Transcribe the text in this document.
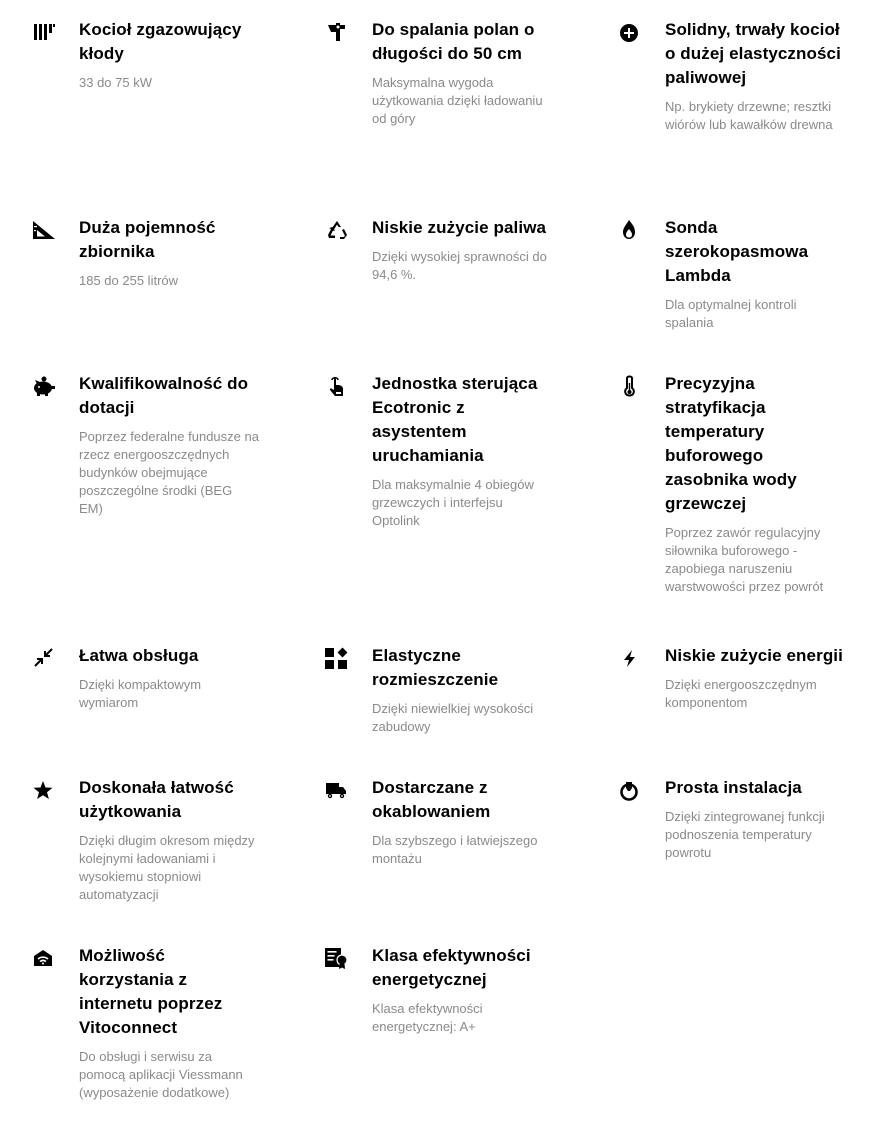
Kocioł zgazowujący kłody

33 do 75 kW

Do spalania polan o długości do 50 cm

Maksymalna wygoda użytkowania dzięki ładowaniu od góry

Solidny, trwały kocioł o dużej elastyczności paliwowej

Np. brykiety drzewne; resztki wiórów lub kawałków drewna

Duża pojemność zbiornika

185 do 255 litrów

Niskie zużycie paliwa

Dzięki wysokiej sprawności do 94,6 %.

Sonda szerokopasmowa Lambda

Dla optymalnej kontroli spalania

Kwalifikowalność do dotacji

Poprzez federalne fundusze na rzecz energooszczędnych budynków obejmujące poszczególne środki (BEG EM)

Jednostka sterująca Ecotronic z asystentem uruchamiania

Dla maksymalnie 4 obiegów grzewczych i interfejsu Optolink

Precyzyjna stratyfikacja temperatury buforowego zasobnika wody grzewczej

Poprzez zawór regulacyjny siłownika buforowego - zapobiega naruszeniu warstwowości przez powrót

Łatwa obsługa

Dzięki kompaktowym wymiarom

Elastyczne rozmieszczenie

Dzięki niewielkiej wysokości zabudowy

Niskie zużycie energii

Dzięki energooszczędnym komponentom

Doskonała łatwość użytkowania

Dzięki długim okresom między kolejnymi ładowaniami i wysokiemu stopniowi automatyzacji

Dostarczane z okablowaniem

Dla szybszego i łatwiejszego montażu

Prosta instalacja

Dzięki zintegrowanej funkcji podnoszenia temperatury powrotu

Możliwość korzystania z internetu poprzez Vitoconnect

Do obsługi i serwisu za pomocą aplikacji Viessmann (wyposażenie dodatkowe)

Klasa efektywności energetycznej

Klasa efektywności energetycznej: A+
